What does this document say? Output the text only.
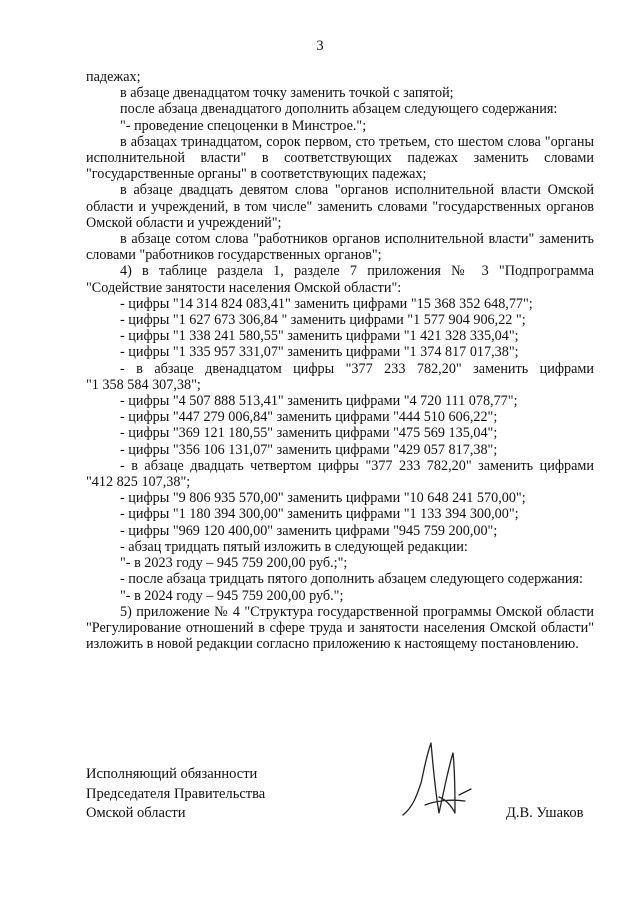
3

падежах;

в абзаце двенадцатом точку заменить точкой с запятой;

после абзаца двенадцатого дополнить абзацем следующего содержания:

"- проведение спецоценки в Минстрое.";

в абзацах тринадцатом, сорок первом, сто третьем, сто шестом слова "органы исполнительной власти" в соответствующих падежах заменить словами "государственные органы" в соответствующих падежах;

в абзаце двадцать девятом слова "органов исполнительной власти Омской области и учреждений, в том числе" заменить словами "государственных органов Омской области и учреждений";

в абзаце сотом слова "работников органов исполнительной власти" заменить словами "работников государственных органов";

4) в таблице раздела 1, разделе 7 приложения № 3 "Подпрограмма "Содействие занятости населения Омской области":

- цифры "14 314 824 083,41" заменить цифрами "15 368 352 648,77";

- цифры "1 627 673 306,84 " заменить цифрами "1 577 904 906,22 ";

- цифры "1 338 241 580,55" заменить цифрами "1 421 328 335,04";

- цифры "1 335 957 331,07" заменить цифрами "1 374 817 017,38";

- в абзаце двенадцатом цифры "377 233 782,20" заменить цифрами
"1 358 584 307,38";

- цифры "4 507 888 513,41" заменить цифрами "4 720 111 078,77";

- цифры "447 279 006,84" заменить цифрами "444 510 606,22";

- цифры "369 121 180,55" заменить цифрами "475 569 135,04";

- цифры "356 106 131,07" заменить цифрами "429 057 817,38";

- в абзаце двадцать четвертом цифры "377 233 782,20" заменить цифрами "412 825 107,38";

- цифры "9 806 935 570,00" заменить цифрами "10 648 241 570,00";

- цифры "1 180 394 300,00" заменить цифрами "1 133 394 300,00";

- цифры "969 120 400,00" заменить цифрами "945 759 200,00";

- абзац тридцать пятый изложить в следующей редакции:

"- в 2023 году – 945 759 200,00 руб.;";

- после абзаца тридцать пятого дополнить абзацем следующего содержания:

"- в 2024 году – 945 759 200,00 руб.";

5) приложение № 4 "Структура государственной программы Омской области "Регулирование отношений в сфере труда и занятости населения Омской области" изложить в новой редакции согласно приложению к настоящему постановлению.

Исполняющий обязанности
Председателя Правительства
Омской области	Д.В. Ушаков
